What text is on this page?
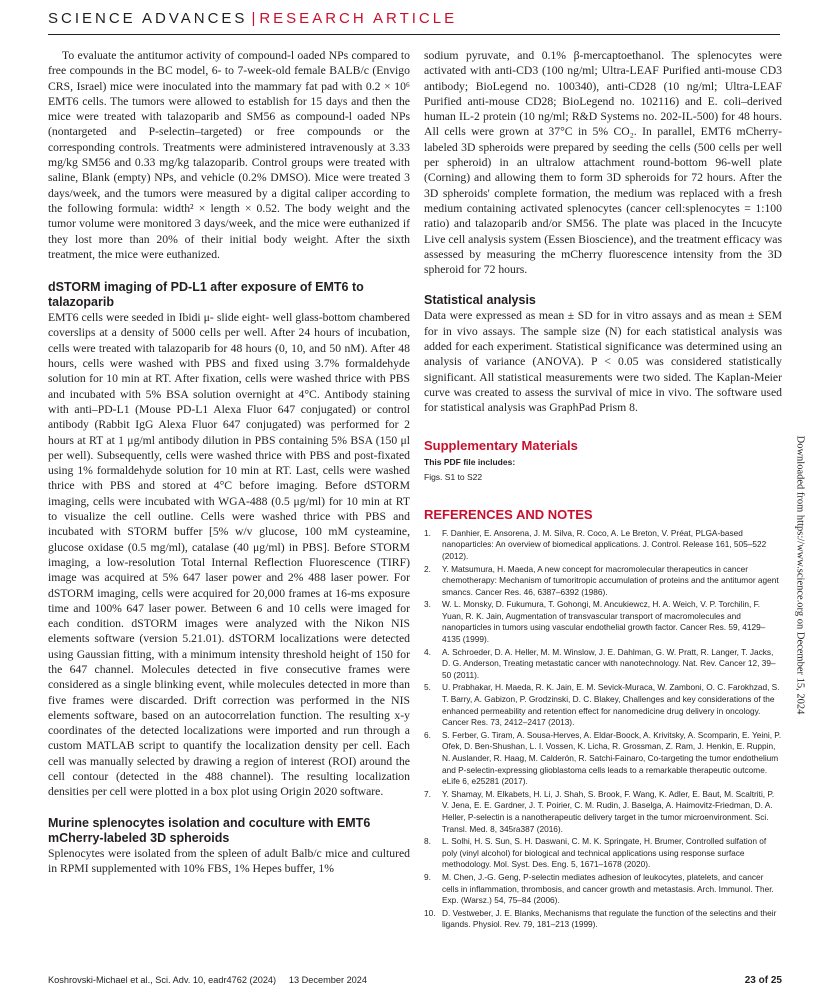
SCIENCE ADVANCES | RESEARCH ARTICLE

To evaluate the antitumor activity of compound-l oaded NPs compared to free compounds in the BC model, 6- to 7-week-old female BALB/c (Envigo CRS, Israel) mice were inoculated into the mammary fat pad with 0.2 × 10⁶ EMT6 cells. The tumors were allowed to establish for 15 days and then the mice were treated with talazoparib and SM56 as compound-l oaded NPs (nontargeted and P-selectin–targeted) or free compounds or the corresponding controls. Treatments were administered intravenously at 3.33 mg/kg SM56 and 0.33 mg/kg talazoparib. Control groups were treated with saline, Blank (empty) NPs, and vehicle (0.2% DMSO). Mice were treated 3 days/week, and the tumors were measured by a digital caliper according to the following formula: width² × length × 0.52. The body weight and the tumor volume were monitored 3 days/week, and the mice were euthanized if they lost more than 20% of their initial body weight. After the sixth treatment, the mice were euthanized.

dSTORM imaging of PD-L1 after exposure of EMT6 to talazoparib

EMT6 cells were seeded in Ibidi μ- slide eight- well glass-bottom chambered coverslips at a density of 5000 cells per well. After 24 hours of incubation, cells were treated with talazoparib for 48 hours (0, 10, and 50 nM). After 48 hours, cells were washed with PBS and fixed using 3.7% formaldehyde solution for 10 min at RT. After fixation, cells were washed thrice with PBS and incubated with 5% BSA solution overnight at 4°C. Antibody staining with anti–PD-L1 (Mouse PD-L1 Alexa Fluor 647 conjugated) or control antibody (Rabbit IgG Alexa Fluor 647 conjugated) was performed for 2 hours at RT at 1 μg/ml antibody dilution in PBS containing 5% BSA (150 μl per well). Subsequently, cells were washed thrice with PBS and post-fixated using 1% formaldehyde solution for 10 min at RT. Last, cells were washed thrice with PBS and stored at 4°C before imaging. Before dSTORM imaging, cells were incubated with WGA-488 (0.5 μg/ml) for 10 min at RT to visualize the cell outline. Cells were washed thrice with PBS and incubated with STORM buffer [5% w/v glucose, 100 mM cysteamine, glucose oxidase (0.5 mg/ml), catalase (40 μg/ml) in PBS]. Before STORM imaging, a low-resolution Total Internal Reflection Fluorescence (TIRF) image was acquired at 5% 647 laser power and 2% 488 laser power. For dSTORM imaging, cells were acquired for 20,000 frames at 16-ms exposure time and 100% 647 laser power. Between 6 and 10 cells were imaged for each condition. dSTORM images were analyzed with the Nikon NIS elements software (version 5.21.01). dSTORM localizations were detected using Gaussian fitting, with a minimum intensity threshold height of 150 for the 647 channel. Molecules detected in five consecutive frames were considered as a single blinking event, while molecules detected in more than five frames were discarded. Drift correction was performed in the NIS elements software, based on an autocorrelation function. The resulting x-y coordinates of the detected localizations were imported and run through a custom MATLAB script to quantify the localization density per cell. Each cell was manually selected by drawing a region of interest (ROI) around the cell contour (detected in the 488 channel). The resulting localization densities per cell were plotted in a box plot using Origin 2020 software.

Murine splenocytes isolation and coculture with EMT6 mCherry-labeled 3D spheroids

Splenocytes were isolated from the spleen of adult Balb/c mice and cultured in RPMI supplemented with 10% FBS, 1% Hepes buffer, 1%

sodium pyruvate, and 0.1% β-mercaptoethanol. The splenocytes were activated with anti-CD3 (100 ng/ml; Ultra-LEAF Purified anti-mouse CD3 antibody; BioLegend no. 100340), anti-CD28 (10 ng/ml; Ultra-LEAF Purified anti-mouse CD28; BioLegend no. 102116) and E. coli–derived human IL-2 protein (10 ng/ml; R&D Systems no. 202-IL-500) for 48 hours. All cells were grown at 37°C in 5% CO₂. In parallel, EMT6 mCherry-labeled 3D spheroids were prepared by seeding the cells (500 cells per well per spheroid) in an ultralow attachment round-bottom 96-well plate (Corning) and allowing them to form 3D spheroids for 72 hours. After the 3D spheroids' complete formation, the medium was replaced with a fresh medium containing activated splenocytes (cancer cell:splenocytes = 1:100 ratio) and talazoparib and/or SM56. The plate was placed in the Incucyte Live cell analysis system (Essen Bioscience), and the treatment efficacy was assessed by measuring the mCherry fluorescence intensity from the 3D spheroid for 72 hours.

Statistical analysis

Data were expressed as mean ± SD for in vitro assays and as mean ± SEM for in vivo assays. The sample size (N) for each statistical analysis was added for each experiment. Statistical significance was determined using an analysis of variance (ANOVA). P < 0.05 was considered statistically significant. All statistical measurements were two sided. The Kaplan-Meier curve was created to assess the survival of mice in vivo. The software used for statistical analysis was GraphPad Prism 8.

Supplementary Materials
This PDF file includes:
Figs. S1 to S22
REFERENCES AND NOTES
1.	F. Danhier, E. Ansorena, J. M. Silva, R. Coco, A. Le Breton, V. Préat, PLGA-based nanoparticles: An overview of biomedical applications. J. Control. Release 161, 505–522 (2012).
2.	Y. Matsumura, H. Maeda, A new concept for macromolecular therapeutics in cancer chemotherapy: Mechanism of tumoritropic accumulation of proteins and the antitumor agent smancs. Cancer Res. 46, 6387–6392 (1986).
3.	W. L. Monsky, D. Fukumura, T. Gohongi, M. Ancukiewcz, H. A. Weich, V. P. Torchilin, F. Yuan, R. K. Jain, Augmentation of transvascular transport of macromolecules and nanoparticles in tumors using vascular endothelial growth factor. Cancer Res. 59, 4129–4135 (1999).
4.	A. Schroeder, D. A. Heller, M. M. Winslow, J. E. Dahlman, G. W. Pratt, R. Langer, T. Jacks, D. G. Anderson, Treating metastatic cancer with nanotechnology. Nat. Rev. Cancer 12, 39–50 (2011).
5.	U. Prabhakar, H. Maeda, R. K. Jain, E. M. Sevick-Muraca, W. Zamboni, O. C. Farokhzad, S. T. Barry, A. Gabizon, P. Grodzinski, D. C. Blakey, Challenges and key considerations of the enhanced permeability and retention effect for nanomedicine drug delivery in oncology. Cancer Res. 73, 2412–2417 (2013).
6.	S. Ferber, G. Tiram, A. Sousa-Herves, A. Eldar-Boock, A. Krivitsky, A. Scomparin, E. Yeini, P. Ofek, D. Ben-Shushan, L. I. Vossen, K. Licha, R. Grossman, Z. Ram, J. Henkin, E. Ruppin, N. Auslander, R. Haag, M. Calderón, R. Satchi-Fainaro, Co-targeting the tumor endothelium and P-selectin-expressing glioblastoma cells leads to a remarkable therapeutic outcome. eLife 6, e25281 (2017).
7.	Y. Shamay, M. Elkabets, H. Li, J. Shah, S. Brook, F. Wang, K. Adler, E. Baut, M. Scaltriti, P. V. Jena, E. E. Gardner, J. T. Poirier, C. M. Rudin, J. Baselga, A. Haimovitz-Friedman, D. A. Heller, P-selectin is a nanotherapeutic delivery target in the tumor microenvironment. Sci. Transl. Med. 8, 345ra387 (2016).
8.	L. Solhi, H. S. Sun, S. H. Daswani, C. M. K. Springate, H. Brumer, Controlled sulfation of poly (vinyl alcohol) for biological and technical applications using response surface methodology. Mol. Syst. Des. Eng. 5, 1671–1678 (2020).
9.	M. Chen, J.-G. Geng, P-selectin mediates adhesion of leukocytes, platelets, and cancer cells in inflammation, thrombosis, and cancer growth and metastasis. Arch. Immunol. Ther. Exp. (Warsz.) 54, 75–84 (2006).
10. D. Vestweber, J. E. Blanks, Mechanisms that regulate the function of the selectins and their ligands. Physiol. Rev. 79, 181–213 (1999).
Downloaded from https://www.science.org on December 15, 2024
Koshrovski-Michael et al., Sci. Adv. 10, eadr4762 (2024)     13 December 2024	23 of 25
